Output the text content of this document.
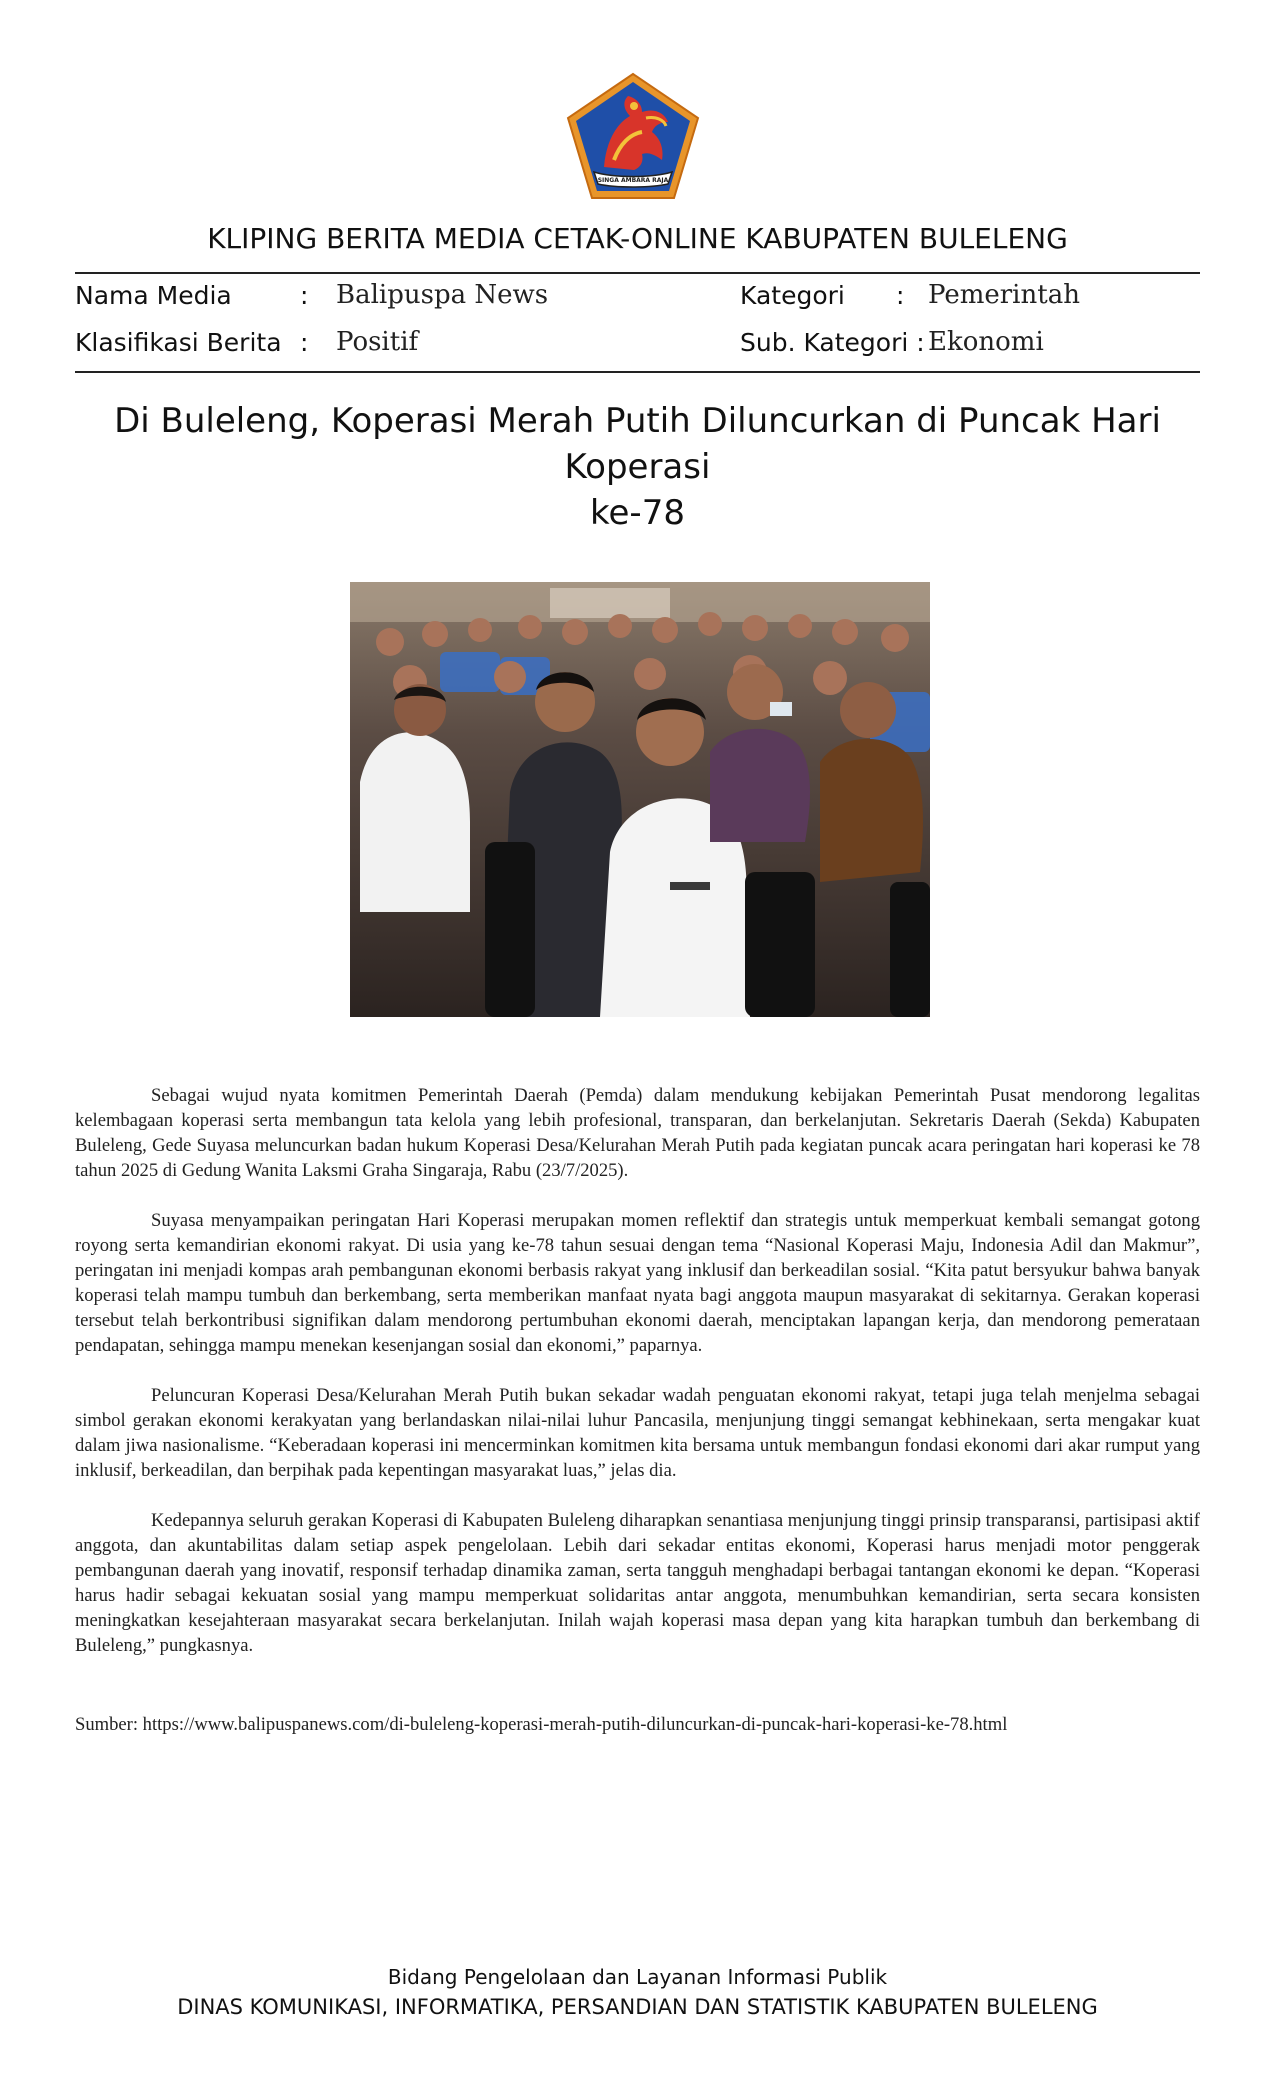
SINGA AMBARA RAJA
KLIPING BERITA MEDIA CETAK-ONLINE KABUPATEN BULELENG
Nama Media	: Balipuspa News	Kategori : Pemerintah
Klasifikasi Berita : Positif	Sub. Kategori : Ekonomi
Di Buleleng, Koperasi Merah Putih Diluncurkan di Puncak Hari Koperasi
ke-78

Sebagai wujud nyata komitmen Pemerintah Daerah (Pemda) dalam mendukung kebijakan Pemerintah Pusat mendorong legalitas kelembagaan koperasi serta membangun tata kelola yang lebih profesional, transparan, dan berkelanjutan. Sekretaris Daerah (Sekda) Kabupaten Buleleng, Gede Suyasa meluncurkan badan hukum Koperasi Desa/Kelurahan Merah Putih pada kegiatan puncak acara peringatan hari koperasi ke 78 tahun 2025 di Gedung Wanita Laksmi Graha Singaraja, Rabu (23/7/2025).

Suyasa menyampaikan peringatan Hari Koperasi merupakan momen reflektif dan strategis untuk memperkuat kembali semangat gotong royong serta kemandirian ekonomi rakyat. Di usia yang ke-78 tahun sesuai dengan tema “Nasional Koperasi Maju, Indonesia Adil dan Makmur”, peringatan ini menjadi kompas arah pembangunan ekonomi berbasis rakyat yang inklusif dan berkeadilan sosial. “Kita patut bersyukur bahwa banyak koperasi telah mampu tumbuh dan berkembang, serta memberikan manfaat nyata bagi anggota maupun masyarakat di sekitarnya. Gerakan koperasi tersebut telah berkontribusi signifikan dalam mendorong pertumbuhan ekonomi daerah, menciptakan lapangan kerja, dan mendorong pemerataan pendapatan, sehingga mampu menekan kesenjangan sosial dan ekonomi,” paparnya.

Peluncuran Koperasi Desa/Kelurahan Merah Putih bukan sekadar wadah penguatan ekonomi rakyat, tetapi juga telah menjelma sebagai simbol gerakan ekonomi kerakyatan yang berlandaskan nilai-nilai luhur Pancasila, menjunjung tinggi semangat kebhinekaan, serta mengakar kuat dalam jiwa nasionalisme. “Keberadaan koperasi ini mencerminkan komitmen kita bersama untuk membangun fondasi ekonomi dari akar rumput yang inklusif, berkeadilan, dan berpihak pada kepentingan masyarakat luas,” jelas dia.

Kedepannya seluruh gerakan Koperasi di Kabupaten Buleleng diharapkan senantiasa menjunjung tinggi prinsip transparansi, partisipasi aktif anggota, dan akuntabilitas dalam setiap aspek pengelolaan. Lebih dari sekadar entitas ekonomi, Koperasi harus menjadi motor penggerak pembangunan daerah yang inovatif, responsif terhadap dinamika zaman, serta tangguh menghadapi berbagai tantangan ekonomi ke depan. “Koperasi harus hadir sebagai kekuatan sosial yang mampu memperkuat solidaritas antar anggota, menumbuhkan kemandirian, serta secara konsisten meningkatkan kesejahteraan masyarakat secara berkelanjutan. Inilah wajah koperasi masa depan yang kita harapkan tumbuh dan berkembang di Buleleng,” pungkasnya.

Sumber: https://www.balipuspanews.com/di-buleleng-koperasi-merah-putih-diluncurkan-di-puncak-hari-koperasi-ke-78.html
Bidang Pengelolaan dan Layanan Informasi Publik
DINAS KOMUNIKASI, INFORMATIKA, PERSANDIAN DAN STATISTIK KABUPATEN BULELENG
